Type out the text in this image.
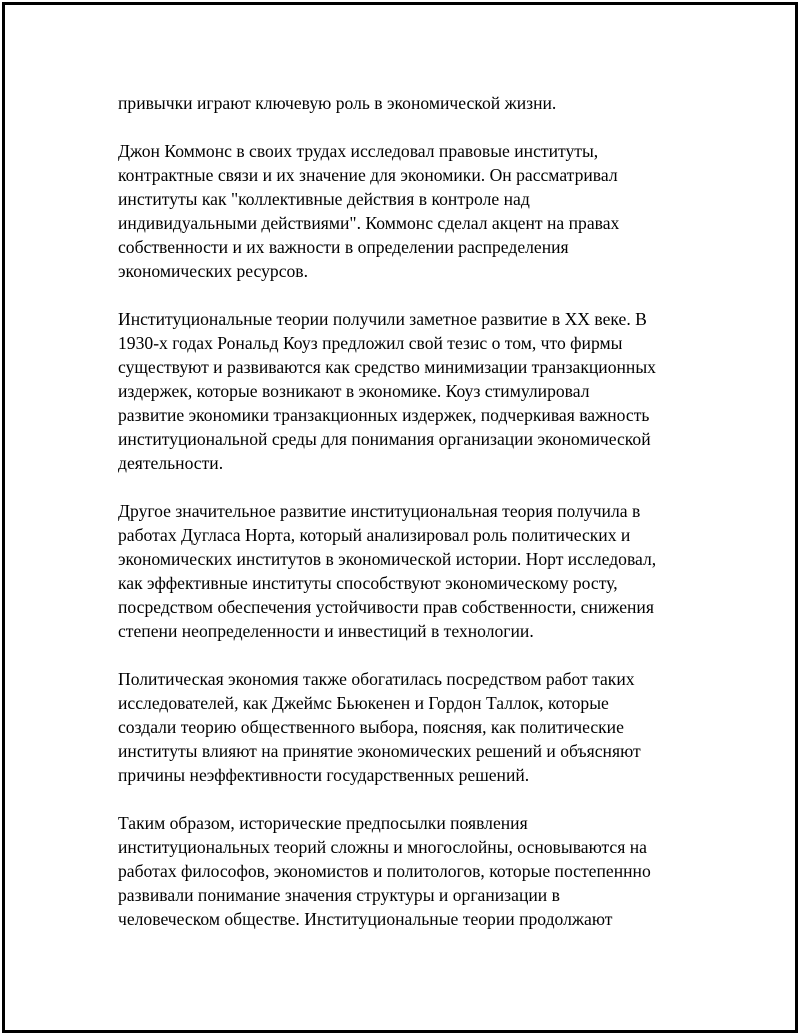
привычки играют ключевую роль в экономической жизни.

Джон Коммонс в своих трудах исследовал правовые институты,
контрактные связи и их значение для экономики. Он рассматривал
институты как "коллективные действия в контроле над
индивидуальными действиями". Коммонс сделал акцент на правах
собственности и их важности в определении распределения
экономических ресурсов.

Институциональные теории получили заметное развитие в XX веке. В
1930-х годах Рональд Коуз предложил свой тезис о том, что фирмы
существуют и развиваются как средство минимизации транзакционных
издержек, которые возникают в экономике. Коуз стимулировал
развитие экономики транзакционных издержек, подчеркивая важность
институциональной среды для понимания организации экономической
деятельности.

Другое значительное развитие институциональная теория получила в
работах Дугласа Норта, который анализировал роль политических и
экономических институтов в экономической истории. Норт исследовал,
как эффективные институты способствуют экономическому росту,
посредством обеспечения устойчивости прав собственности, снижения
степени неопределенности и инвестиций в технологии.

Политическая экономия также обогатилась посредством работ таких
исследователей, как Джеймс Бьюкенен и Гордон Таллок, которые
создали теорию общественного выбора, поясняя, как политические
институты влияют на принятие экономических решений и объясняют
причины неэффективности государственных решений.

Таким образом, исторические предпосылки появления
институциональных теорий сложны и многослойны, основываются на
работах философов, экономистов и политологов, которые постепеннно
развивали понимание значения структуры и организации в
человеческом обществе. Институциональные теории продолжают
